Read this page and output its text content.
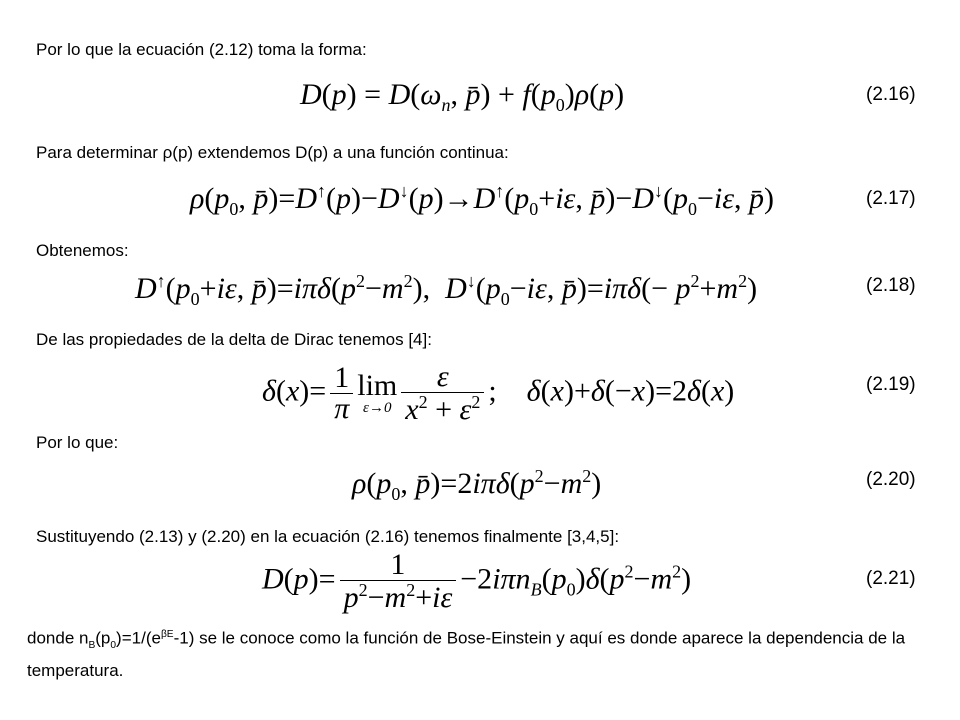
Por lo que la ecuación (2.12) toma la forma:
Para determinar ρ(p) extendemos D(p) a una función continua:
Obtenemos:
De las propiedades de la delta de Dirac tenemos [4]:
Por lo que:
Sustituyendo (2.13) y (2.20) en la ecuación (2.16) tenemos finalmente [3,4,5]:
$D(p) = D(\omega_n$, p̄) + $f(p_0)\rho(p)$	(2.16)
$\rho(p_0$, $p̄)=D^↑(p)-D^↓(p)\to D^↑(p_0+i\varepsilon$, $p̄)-D^↓(p_0-i\varepsilon$, p̄)	(2.17)
$D^↑(p_0+i\varepsilon$, $p̄)=i\pi\delta(p^2-m^2)$,  $D^↓(p_0-i\varepsilon$, p̄)=iπδ(− $p^2+m^2$)	(2.18)
$\delta(x)= \frac{1}{\pi}$ lim
$\varepsilon\to 0 \frac{\varepsilon}{x^2 + \varepsilon^2}$ ;    δ(x)+δ(−x)=2δ(x)	(2.19)
$\rho(p_0$, $p̄)=2i\pi\delta(p^2-m^2)$	(2.20)
$D(p)= \frac{1}{p^2-m^2+i\varepsilon} -2i\pi n_B(p_0)\delta(p^2-m^2)$	(2.21)
donde $n_B(p_0)=1/(e^{\beta E}-1)$ se le conoce como la función de Bose-Einstein y aquí es donde aparece la dependencia de la temperatura.
